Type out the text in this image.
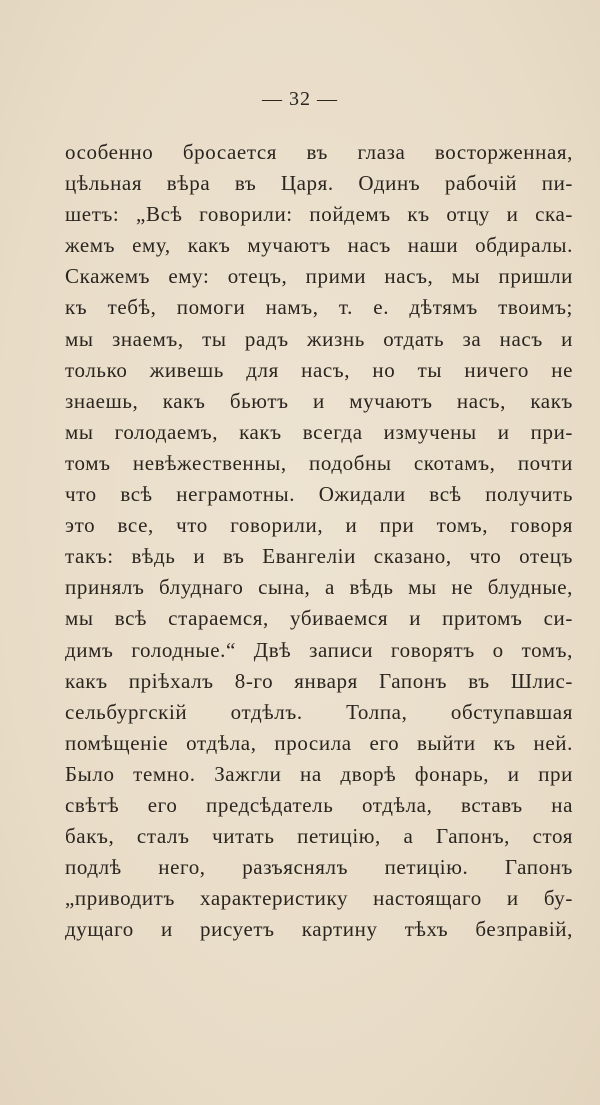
— 32 —
особенно бросается въ глаза восторженная,
цѣльная вѣра въ Царя. Одинъ рабочій пи-
шетъ: „Всѣ говорили: пойдемъ къ отцу и ска-
жемъ ему, какъ мучаютъ насъ наши обдиралы.
Скажемъ ему: отецъ, прими насъ, мы пришли
къ тебѣ, помоги намъ, т. е. дѣтямъ твоимъ;
мы знаемъ, ты радъ жизнь отдать за насъ и
только живешь для насъ, но ты ничего не
знаешь, какъ бьютъ и мучаютъ насъ, какъ
мы голодаемъ, какъ всегда измучены и при-
томъ невѣжественны, подобны скотамъ, почти
что всѣ неграмотны. Ожидали всѣ получить
это все, что говорили, и при томъ, говоря
такъ: вѣдь и въ Евангеліи сказано, что отецъ
принялъ блуднаго сына, а вѣдь мы не блудные,
мы всѣ стараемся, убиваемся и притомъ си-
димъ голодные.“ Двѣ записи говорятъ о томъ,
какъ пріѣхалъ 8-го января Гапонъ въ Шлис-
сельбургскій отдѣлъ. Толпа, обступавшая
помѣщеніе отдѣла, просила его выйти къ ней.
Было темно. Зажгли на дворѣ фонарь, и при
свѣтѣ его предсѣдатель отдѣла, вставъ на
бакъ, сталъ читать петицію, а Гапонъ, стоя
подлѣ него, разъяснялъ петицію. Гапонъ
„приводитъ характеристику настоящаго и бу-
дущаго и рисуетъ картину тѣхъ безправій,
